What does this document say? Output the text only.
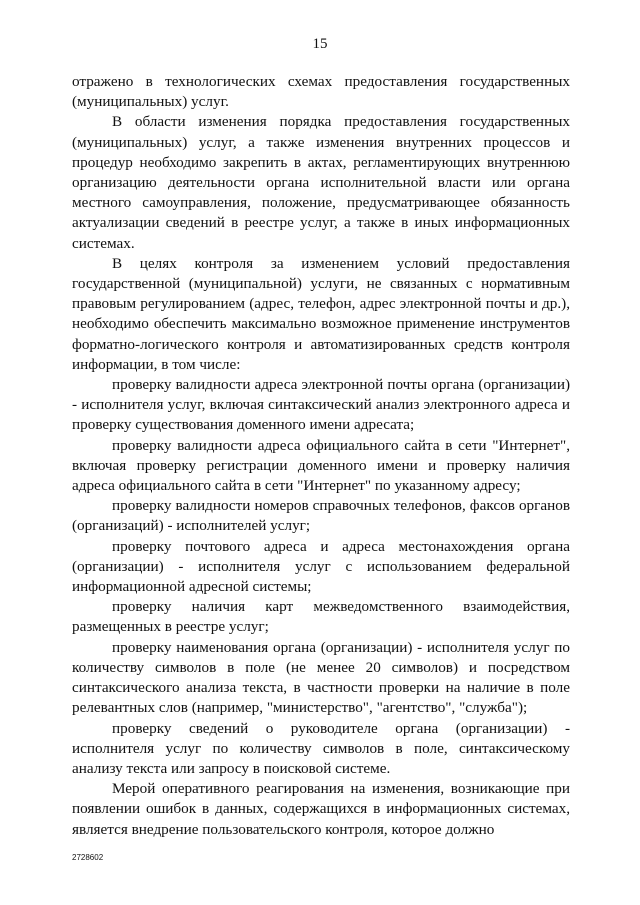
15

отражено в технологических схемах предоставления государственных (муниципальных) услуг.

В области изменения порядка предоставления государственных (муниципальных) услуг, а также изменения внутренних процессов и процедур необходимо закрепить в актах, регламентирующих внутреннюю организацию деятельности органа исполнительной власти или органа местного самоуправления, положение, предусматривающее обязанность актуализации сведений в реестре услуг, а также в иных информационных системах.

В целях контроля за изменением условий предоставления государственной (муниципальной) услуги, не связанных с нормативным правовым регулированием (адрес, телефон, адрес электронной почты и др.), необходимо обеспечить максимально возможное применение инструментов форматно-логического контроля и автоматизированных средств контроля информации, в том числе:

проверку валидности адреса электронной почты органа (организации) - исполнителя услуг, включая синтаксический анализ электронного адреса и проверку существования доменного имени адресата;

проверку валидности адреса официального сайта в сети "Интернет", включая проверку регистрации доменного имени и проверку наличия адреса официального сайта в сети "Интернет" по указанному адресу;

проверку валидности номеров справочных телефонов, факсов органов (организаций) - исполнителей услуг;

проверку почтового адреса и адреса местонахождения органа (организации) - исполнителя услуг с использованием федеральной информационной адресной системы;

проверку наличия карт межведомственного взаимодействия, размещенных в реестре услуг;

проверку наименования органа (организации) - исполнителя услуг по количеству символов в поле (не менее 20 символов) и посредством синтаксического анализа текста, в частности проверки на наличие в поле релевантных слов (например, "министерство", "агентство", "служба");

проверку сведений о руководителе органа (организации) - исполнителя услуг по количеству символов в поле, синтаксическому анализу текста или запросу в поисковой системе.

Мерой оперативного реагирования на изменения, возникающие при появлении ошибок в данных, содержащихся в информационных системах, является внедрение пользовательского контроля, которое должно

2728602
